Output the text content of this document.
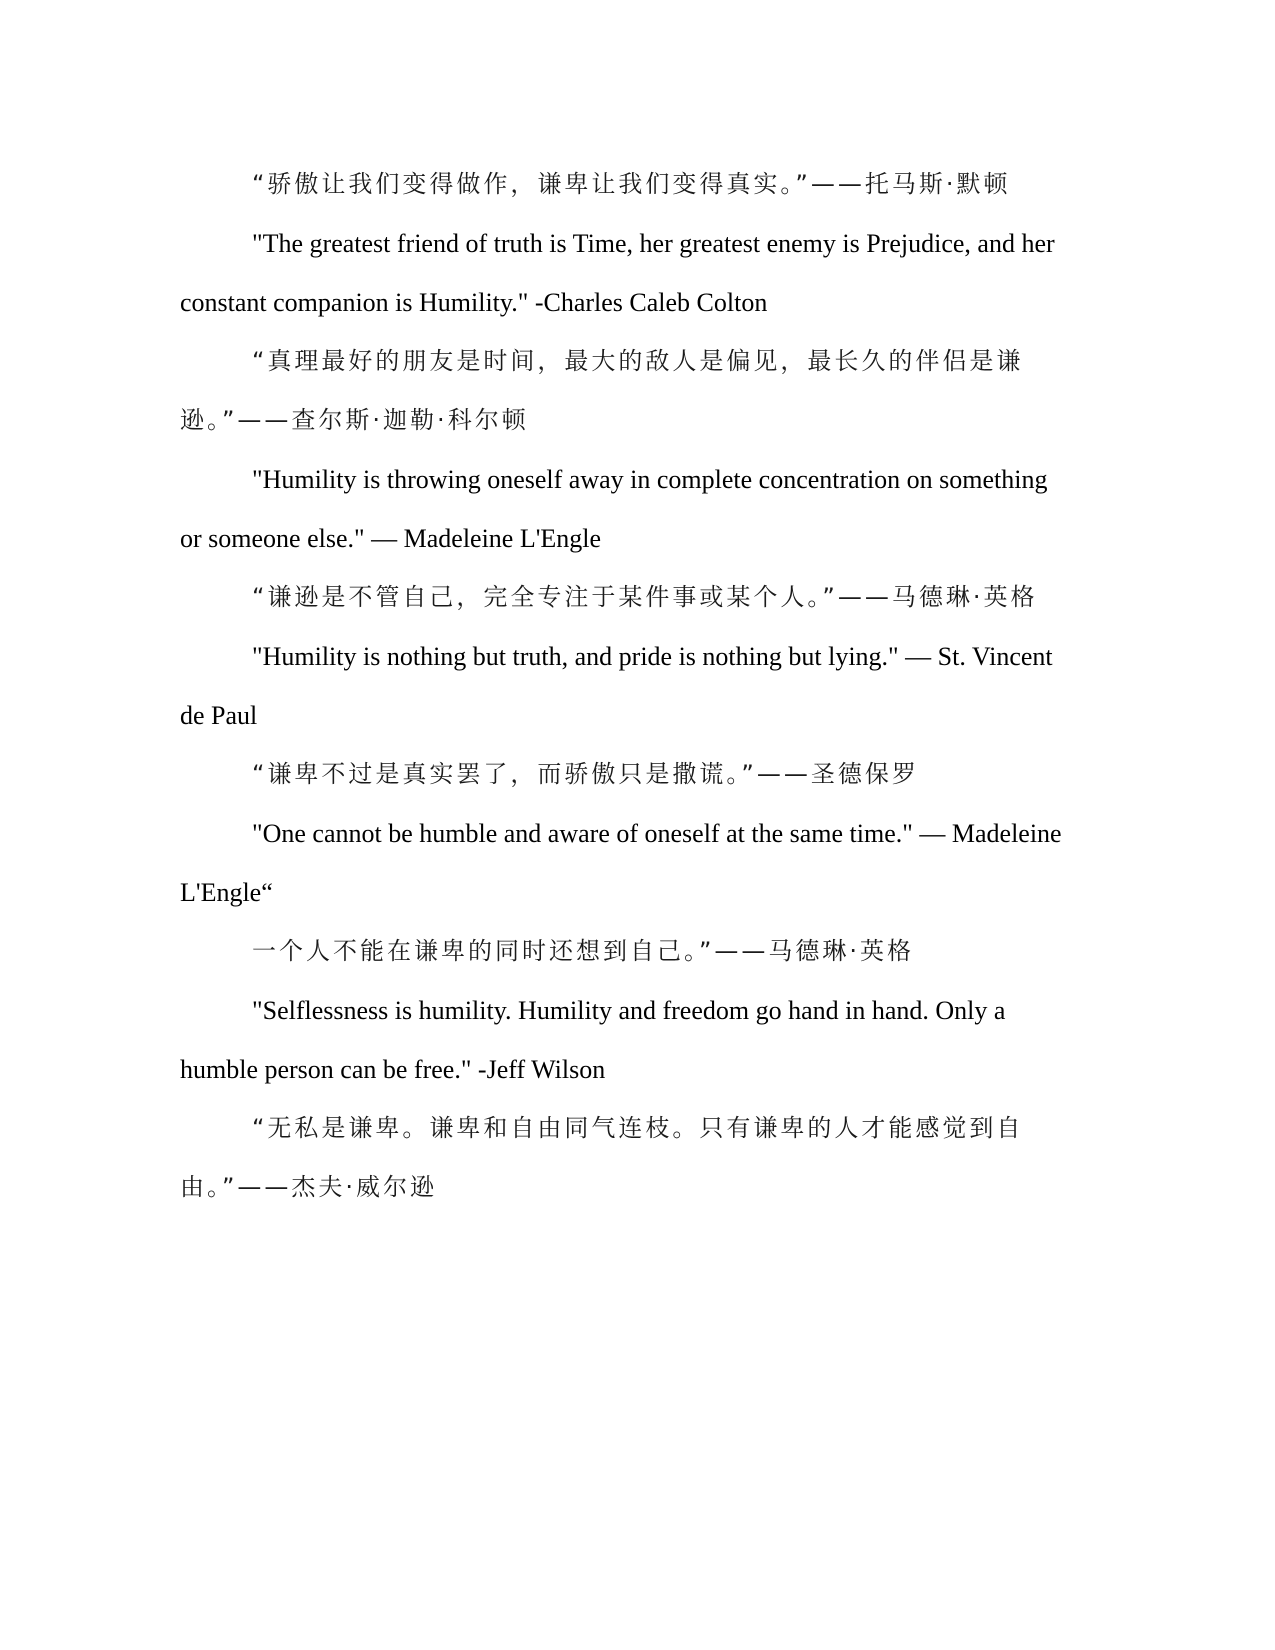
“骄傲让我们变得做作，谦卑让我们变得真实。”——托马斯·默顿

"The greatest friend of truth is Time, her greatest enemy is Prejudice, and her constant companion is Humility." -Charles Caleb Colton

“真理最好的朋友是时间，最大的敌人是偏见，最长久的伴侣是谦逊。”——查尔斯·迦勒·科尔顿

"Humility is throwing oneself away in complete concentration on something or someone else." — Madeleine L'Engle

“谦逊是不管自己，完全专注于某件事或某个人。”——马德琳·英格

"Humility is nothing but truth, and pride is nothing but lying." — St. Vincent de Paul

“谦卑不过是真实罢了，而骄傲只是撒谎。”——圣德保罗

"One cannot be humble and aware of oneself at the same time." — Madeleine L'Engle“

一个人不能在谦卑的同时还想到自己。”——马德琳·英格

"Selflessness is humility. Humility and freedom go hand in hand. Only a humble person can be free." -Jeff Wilson

“无私是谦卑。谦卑和自由同气连枝。只有谦卑的人才能感觉到自由。”——杰夫·威尔逊
